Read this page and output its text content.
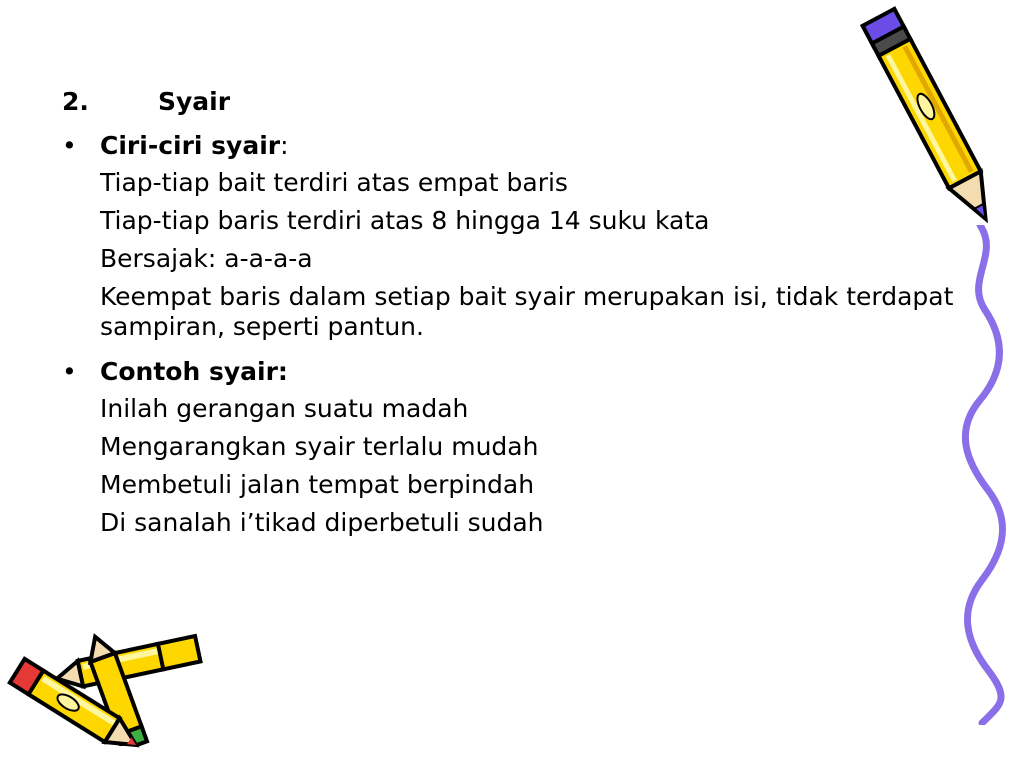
2.	Syair
• Ciri-ciri syair :

Tiap-tiap bait terdiri atas empat baris

Tiap-tiap baris terdiri atas 8 hingga 14 suku kata

Bersajak: a-a-a-a

Keempat baris dalam setiap bait syair merupakan isi, tidak terdapat sampiran, seperti pantun.

• Contoh syair:

Inilah gerangan suatu madah

Mengarangkan syair terlalu mudah

Membetuli jalan tempat berpindah

Di sanalah i’tikad diperbetuli sudah
